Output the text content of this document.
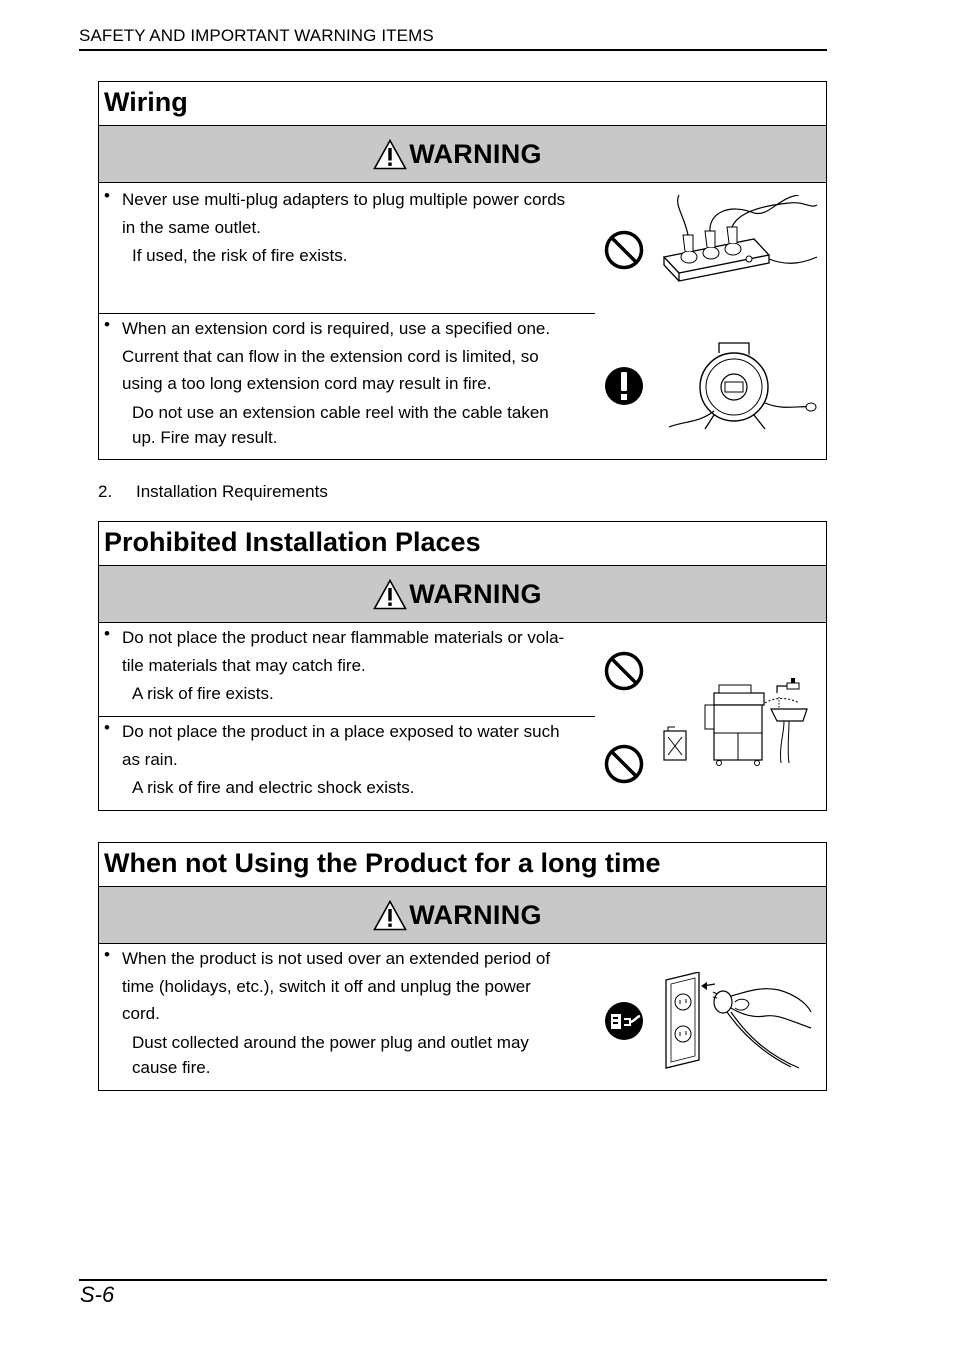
SAFETY AND IMPORTANT WARNING ITEMS
Wiring
WARNING
• Never use multi-plug adapters to plug multiple power cords

in the same outlet.

If used, the risk of fire exists.

• When an extension cord is required, use a specified one.

Current that can flow in the extension cord is limited, so

using a too long extension cord may result in fire.

Do not use an extension cable reel with the cable taken

up. Fire may result.

2. Installation Requirements
Prohibited Installation Places
WARNING
• Do not place the product near flammable materials or vola-

tile materials that may catch fire.

A risk of fire exists.

• Do not place the product in a place exposed to water such

as rain.

A risk of fire and electric shock exists.

When not Using the Product for a long time
WARNING
• When the product is not used over an extended period of

time (holidays, etc.), switch it off and unplug the power

cord.

Dust collected around the power plug and outlet may

cause fire.

S-6
